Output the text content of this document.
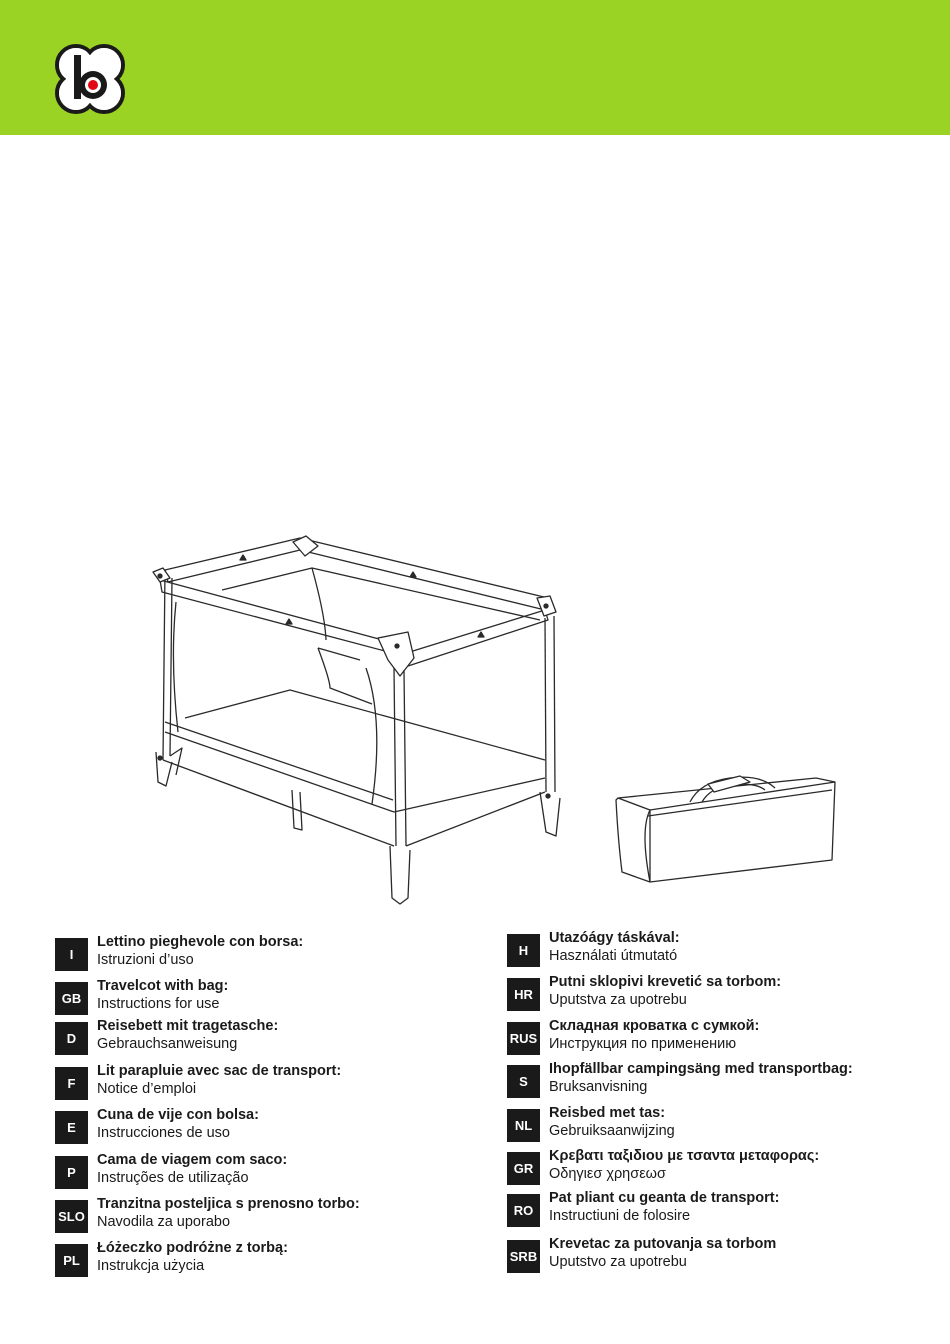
I
Lettino pieghevole con borsa:
Istruzioni d’uso
GB
Travelcot with bag:
Instructions for use
D
Reisebett mit tragetasche:
Gebrauchsanweisung
F
Lit parapluie avec sac de transport:
Notice d’emploi
E
Cuna de vije con bolsa:
Instrucciones de uso
P
Cama de viagem com saco:
Instruções de utilização
SLO
Tranzitna posteljica s prenosno torbo:
Navodila za uporabo
PL
Łóżeczko podróżne z torbą:
Instrukcja użycia
H
Utazóágy táskával:
Használati útmutató
HR
Putni sklopivi krevetić sa torbom:
Uputstva za upotrebu
RUS
Складная кроватка с сумкой:
Инструкция по применению
S
Ihopfällbar campingsäng med transportbag:
Bruksanvisning
NL
Reisbed met tas:
Gebruiksaanwijzing
GR
Κρεβατι ταξιδιου με τσαντα μεταφορας:
Οδηγιεσ χρησεωσ
RO
Pat pliant cu geanta de transport:
Instructiuni de folosire
SRB
Krevetac za putovanja sa torbom
Uputstvo za upotrebu
